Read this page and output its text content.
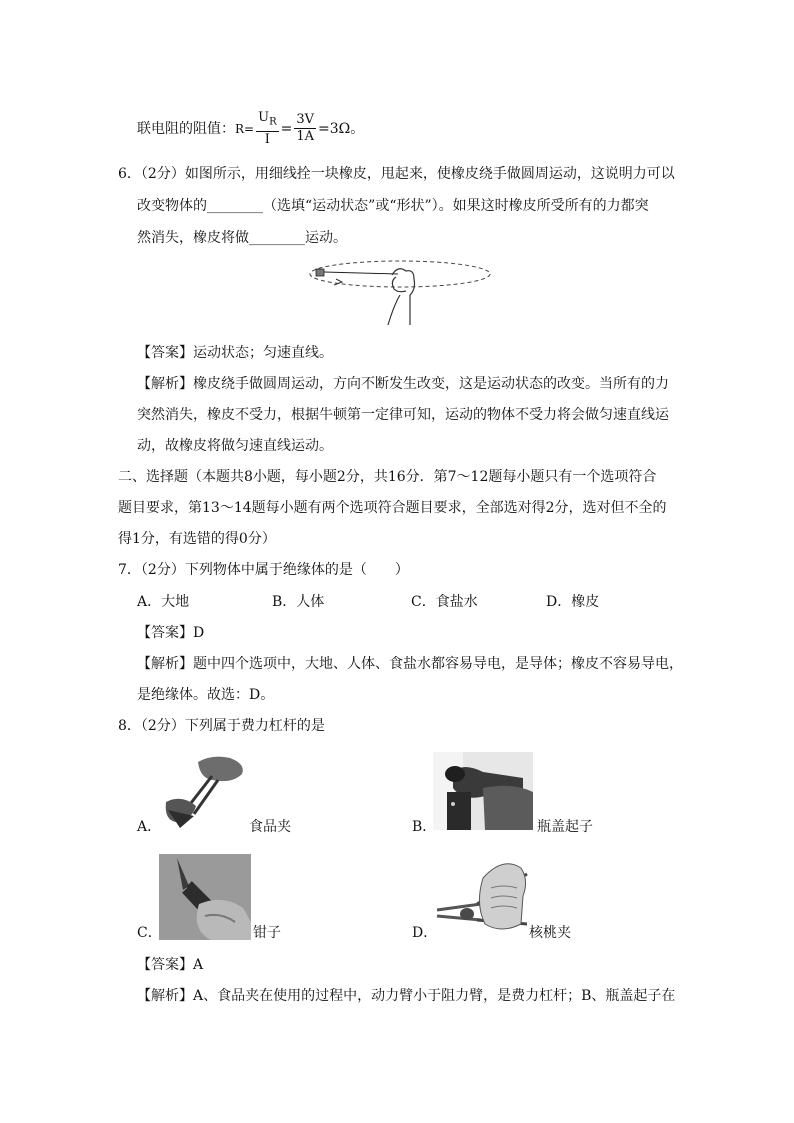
联电阻的阻值：$R= \frac{U_R}{I} = \frac{3V}{1A} =3\Omega$。
6．（2分）如图所示，用细线拴一块橡皮，甩起来，使橡皮绕手做圆周运动，这说明力可以
改变物体的________（选填“运动状态”或“形状”）。如果这时橡皮所受所有的力都突
然消失，橡皮将做________运动。
【答案】运动状态；匀速直线。
【解析】橡皮绕手做圆周运动，方向不断发生改变，这是运动状态的改变。当所有的力
突然消失，橡皮不受力，根据牛顿第一定律可知，运动的物体不受力将会做匀速直线运
动，故橡皮将做匀速直线运动。
二、选择题（本题共8小题，每小题2分，共16分．第7～12题每小题只有一个选项符合
题目要求，第13～14题每小题有两个选项符合题目要求，全部选对得2分，选对但不全的
得1分，有选错的得0分）
7．（2分）下列物体中属于绝缘体的是（　　）
A．大地	B．人体	C．食盐水	D．橡皮
【答案】D
【解析】题中四个选项中，大地、人体、食盐水都容易导电，是导体；橡皮不容易导电，
是绝缘体。故选：D。
8．（2分）下列属于费力杠杆的是
A．	食品夹	B．	瓶盖起子
C．	钳子	D．	核桃夹
【答案】A
【解析】A、食品夹在使用的过程中，动力臂小于阻力臂，是费力杠杆；B、瓶盖起子在
